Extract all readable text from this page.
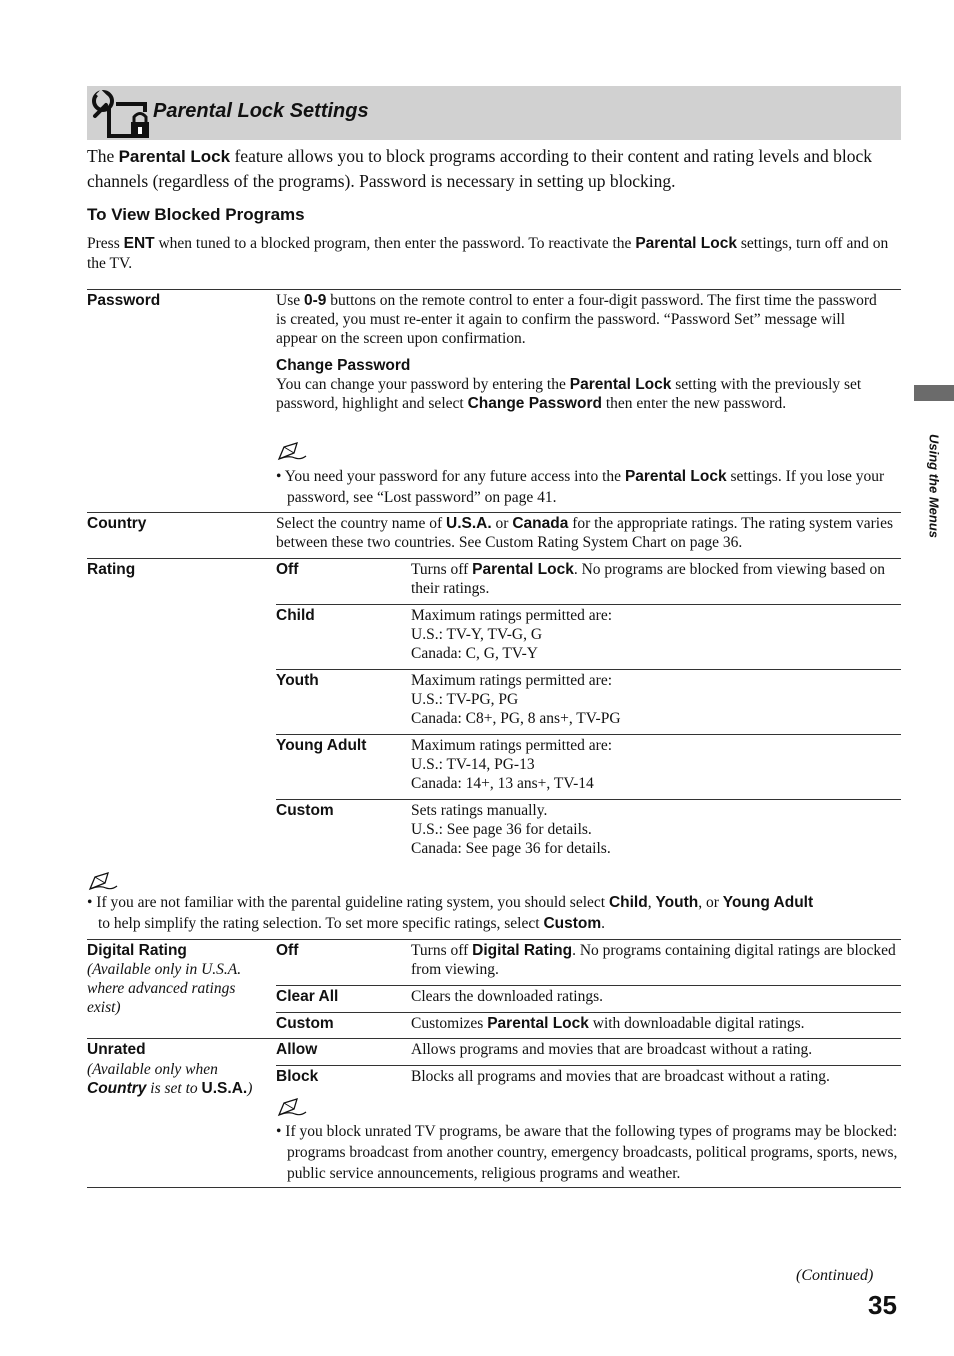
Parental Lock Settings
The Parental Lock feature allows you to block programs according to their content and rating levels and block channels (regardless of the programs). Password is necessary in setting up blocking.
To View Blocked Programs
Press ENT when tuned to a blocked program, then enter the password. To reactivate the Parental Lock settings, turn off and on the TV.
Password	Use 0-9 buttons on the remote control to enter a four-digit password. The first time the password is created, you must re-enter it again to confirm the password. “Password Set” message will appear on the screen upon confirmation.
Change Password
You can change your password by entering the Parental Lock setting with the previously set password, highlight and select Change Password then enter the new password.
• You need your password for any future access into the Parental Lock settings. If you lose your password, see “Lost password” on page 41.
Country	Select the country name of U.S.A. or Canada for the appropriate ratings. The rating system varies between these two countries. See Custom Rating System Chart on page 36.
Rating	Off	Turns off Parental Lock. No programs are blocked from viewing based on their ratings.
Child	Maximum ratings permitted are:
U.S.: TV-Y, TV-G, G
Canada: C, G, TV-Y
Youth	Maximum ratings permitted are:
U.S.: TV-PG, PG
Canada: C8+, PG, 8 ans+, TV-PG
Young Adult	Maximum ratings permitted are:
U.S.: TV-14, PG-13
Canada: 14+, 13 ans+, TV-14
Custom	Sets ratings manually.
U.S.: See page 36 for details.
Canada: See page 36 for details.
• If you are not familiar with the parental guideline rating system, you should select Child, Youth, or Young Adult
to help simplify the rating selection. To set more specific ratings, select Custom.
Digital Rating
(Available only in U.S.A. where advanced ratings exist)
Off	Turns off Digital Rating. No programs containing digital ratings are blocked from viewing.
Clear All	Clears the downloaded ratings.
Custom	Customizes Parental Lock with downloadable digital ratings.
Unrated
(Available only when
Country is set to U.S.A.)
Allow	Allows programs and movies that are broadcast without a rating.
Block	Blocks all programs and movies that are broadcast without a rating.
• If you block unrated TV programs, be aware that the following types of programs may be blocked: programs broadcast from another country, emergency broadcasts, political programs, sports, news, public service announcements, religious programs and weather.
Using the Menus
(Continued)
35
